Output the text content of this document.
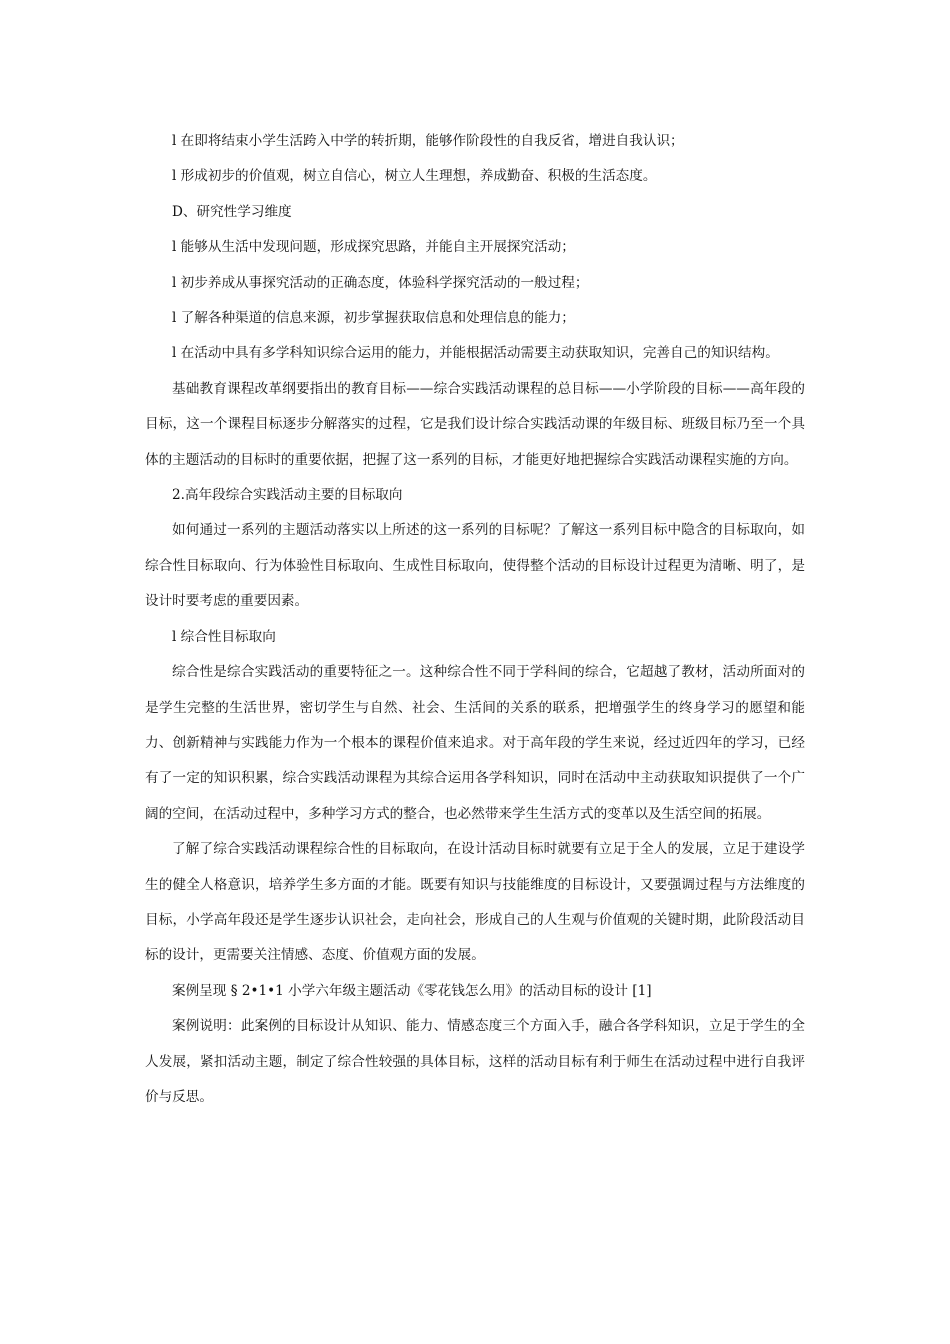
l 在即将结束小学生活跨入中学的转折期，能够作阶段性的自我反省，增进自我认识；

l 形成初步的价值观，树立自信心，树立人生理想，养成勤奋、积极的生活态度。

D、研究性学习维度

l 能够从生活中发现问题，形成探究思路，并能自主开展探究活动；

l 初步养成从事探究活动的正确态度，体验科学探究活动的一般过程；

l 了解各种渠道的信息来源，初步掌握获取信息和处理信息的能力；

l 在活动中具有多学科知识综合运用的能力，并能根据活动需要主动获取知识，完善自己的知识结构。

基础教育课程改革纲要指出的教育目标——综合实践活动课程的总目标——小学阶段的目标——高年段的目标，这一个课程目标逐步分解落实的过程，它是我们设计综合实践活动课的年级目标、班级目标乃至一个具体的主题活动的目标时的重要依据，把握了这一系列的目标，才能更好地把握综合实践活动课程实施的方向。

2.高年段综合实践活动主要的目标取向

如何通过一系列的主题活动落实以上所述的这一系列的目标呢？了解这一系列目标中隐含的目标取向，如综合性目标取向、行为体验性目标取向、生成性目标取向，使得整个活动的目标设计过程更为清晰、明了，是设计时要考虑的重要因素。

l 综合性目标取向

综合性是综合实践活动的重要特征之一。这种综合性不同于学科间的综合，它超越了教材，活动所面对的是学生完整的生活世界，密切学生与自然、社会、生活间的关系的联系，把增强学生的终身学习的愿望和能力、创新精神与实践能力作为一个根本的课程价值来追求。对于高年段的学生来说，经过近四年的学习，已经有了一定的知识积累，综合实践活动课程为其综合运用各学科知识，同时在活动中主动获取知识提供了一个广阔的空间，在活动过程中，多种学习方式的整合，也必然带来学生生活方式的变革以及生活空间的拓展。

了解了综合实践活动课程综合性的目标取向，在设计活动目标时就要有立足于全人的发展，立足于建设学生的健全人格意识，培养学生多方面的才能。既要有知识与技能维度的目标设计，又要强调过程与方法维度的目标，小学高年段还是学生逐步认识社会，走向社会，形成自己的人生观与价值观的关键时期，此阶段活动目标的设计，更需要关注情感、态度、价值观方面的发展。

案例呈现 § 2•1•1 小学六年级主题活动《零花钱怎么用》的活动目标的设计 [1]

案例说明：此案例的目标设计从知识、能力、情感态度三个方面入手，融合各学科知识，立足于学生的全人发展，紧扣活动主题，制定了综合性较强的具体目标，这样的活动目标有利于师生在活动过程中进行自我评价与反思。
